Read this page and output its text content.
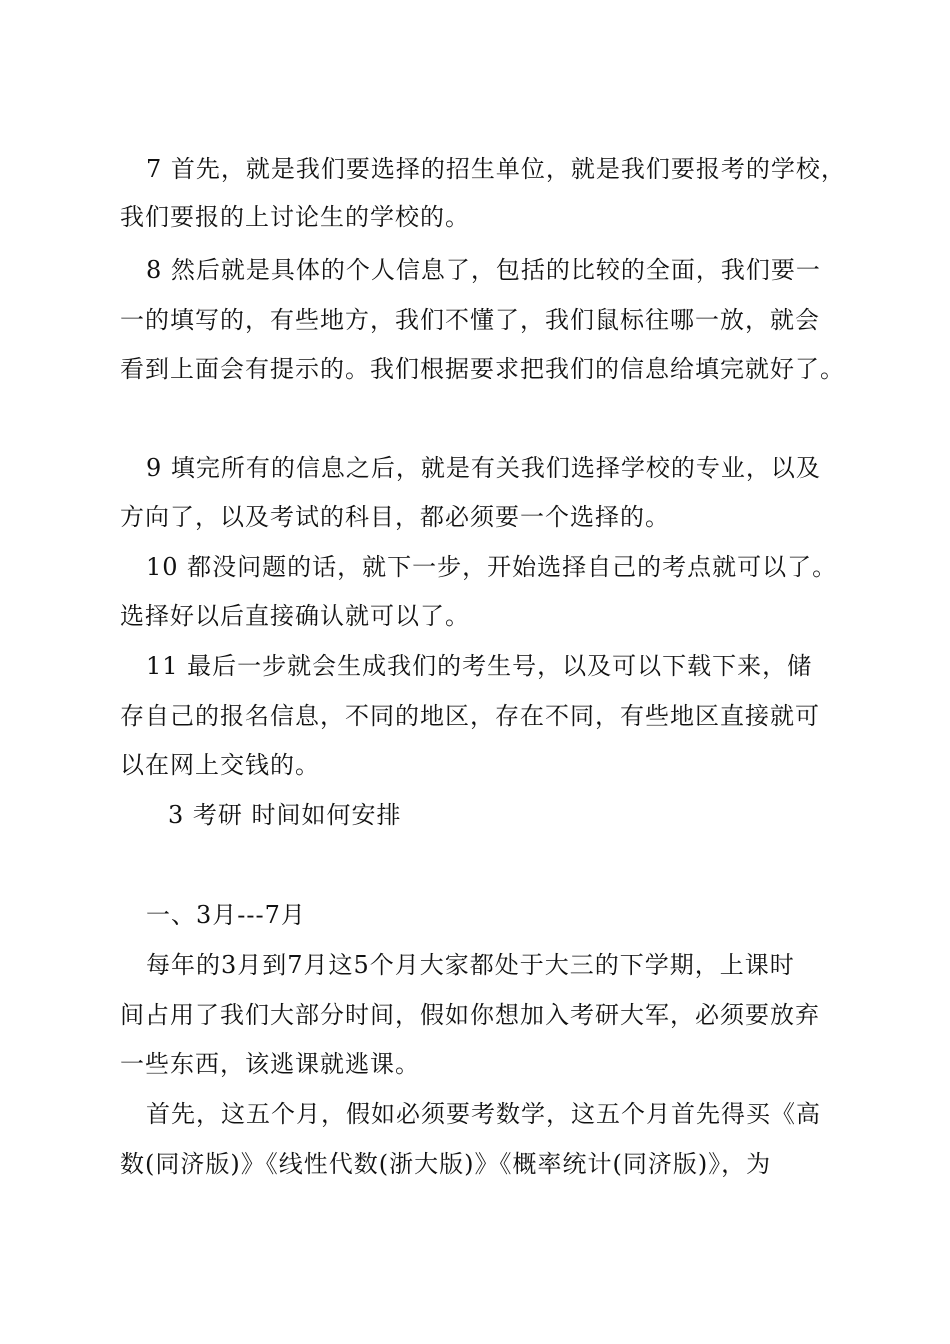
7 首先，就是我们要选择的招生单位，就是我们要报考的学校，
我们要报的上讨论生的学校的。
8 然后就是具体的个人信息了，包括的比较的全面，我们要一
一的填写的，有些地方，我们不懂了，我们鼠标往哪一放，就会
看到上面会有提示的。我们根据要求把我们的信息给填完就好了。
9 填完所有的信息之后，就是有关我们选择学校的专业，以及
方向了，以及考试的科目，都必须要一个选择的。
10 都没问题的话，就下一步，开始选择自己的考点就可以了。
选择好以后直接确认就可以了。
11 最后一步就会生成我们的考生号，以及可以下载下来，储
存自己的报名信息，不同的地区，存在不同，有些地区直接就可
以在网上交钱的。
3 考研 时间如何安排
一、3月---7月
每年的3月到7月这5个月大家都处于大三的下学期，上课时
间占用了我们大部分时间，假如你想加入考研大军，必须要放弃
一些东西，该逃课就逃课。
首先，这五个月，假如必须要考数学，这五个月首先得买《高
数(同济版)》《线性代数(浙大版)》《概率统计(同济版)》，为
